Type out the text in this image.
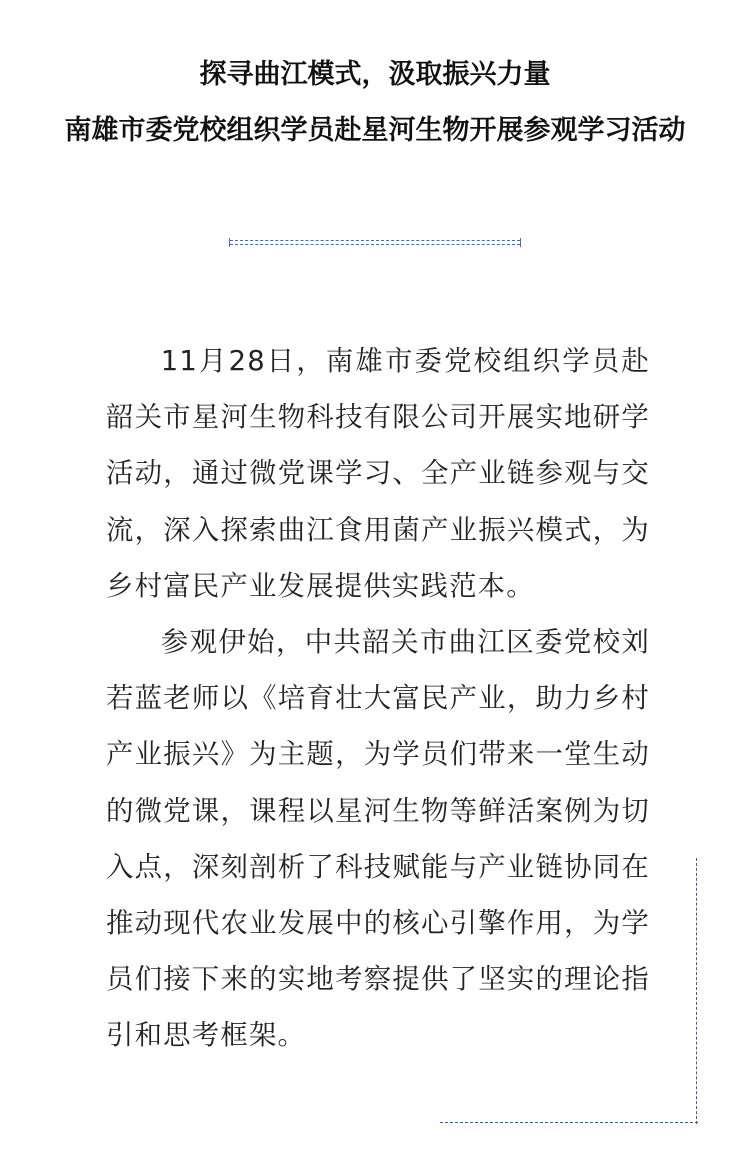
探寻曲江模式，汲取振兴力量
南雄市委党校组织学员赴星河生物开展参观学习活动

11月28日，南雄市委党校组织学员赴韶关市星河生物科技有限公司开展实地研学活动，通过微党课学习、全产业链参观与交流，深入探索曲江食用菌产业振兴模式，为乡村富民产业发展提供实践范本。

参观伊始，中共韶关市曲江区委党校刘若蓝老师以《培育壮大富民产业，助力乡村产业振兴》为主题，为学员们带来一堂生动的微党课，课程以星河生物等鲜活案例为切入点，深刻剖析了科技赋能与产业链协同在推动现代农业发展中的核心引擎作用，为学员们接下来的实地考察提供了坚实的理论指引和思考框架。
